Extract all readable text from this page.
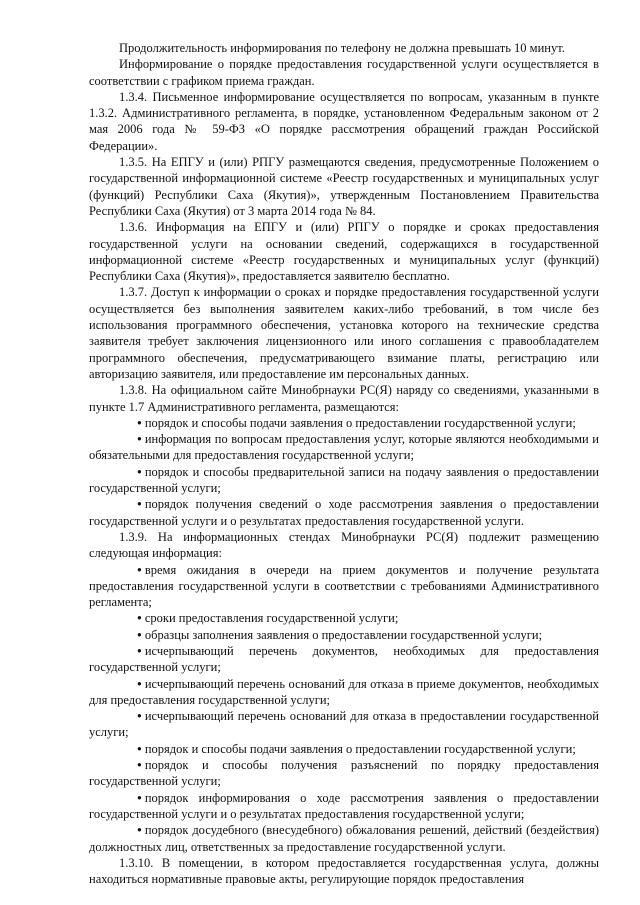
Продолжительность информирования по телефону не должна превышать 10 минут.

Информирование о порядке предоставления государственной услуги осуществляется в соответствии с графиком приема граждан.

1.3.4. Письменное информирование осуществляется по вопросам, указанным в пункте 1.3.2. Административного регламента, в порядке, установленном Федеральным законом от 2 мая 2006 года № 59-ФЗ «О порядке рассмотрения обращений граждан Российской Федерации».

1.3.5. На ЕПГУ и (или) РПГУ размещаются сведения, предусмотренные Положением о государственной информационной системе «Реестр государственных и муниципальных услуг (функций) Республики Саха (Якутия)», утвержденным Постановлением Правительства Республики Саха (Якутия) от 3 марта 2014 года № 84.

1.3.6. Информация на ЕПГУ и (или) РПГУ о порядке и сроках предоставления государственной услуги на основании сведений, содержащихся в государственной информационной системе «Реестр государственных и муниципальных услуг (функций) Республики Саха (Якутия)», предоставляется заявителю бесплатно.

1.3.7. Доступ к информации о сроках и порядке предоставления государственной услуги осуществляется без выполнения заявителем каких-либо требований, в том числе без использования программного обеспечения, установка которого на технические средства заявителя требует заключения лицензионного или иного соглашения с правообладателем программного обеспечения, предусматривающего взимание платы, регистрацию или авторизацию заявителя, или предоставление им персональных данных.

1.3.8. На официальном сайте Минобрнауки РС(Я) наряду со сведениями, указанными в пункте 1.7 Административного регламента, размещаются:

● порядок и способы подачи заявления о предоставлении государственной услуги;

● информация по вопросам предоставления услуг, которые являются необходимыми и обязательными для предоставления государственной услуги;

● порядок и способы предварительной записи на подачу заявления о предоставлении государственной услуги;

● порядок получения сведений о ходе рассмотрения заявления о предоставлении государственной услуги и о результатах предоставления государственной услуги.

1.3.9. На информационных стендах Минобрнауки РС(Я) подлежит размещению следующая информация:

● время ожидания в очереди на прием документов и получение результата предоставления государственной услуги в соответствии с требованиями Административного регламента;

● сроки предоставления государственной услуги;

● образцы заполнения заявления о предоставлении государственной услуги;

● исчерпывающий перечень документов, необходимых для предоставления государственной услуги;

● исчерпывающий перечень оснований для отказа в приеме документов, необходимых для предоставления государственной услуги;

● исчерпывающий перечень оснований для отказа в предоставлении государственной услуги;

● порядок и способы подачи заявления о предоставлении государственной услуги;

● порядок и способы получения разъяснений по порядку предоставления государственной услуги;

● порядок информирования о ходе рассмотрения заявления о предоставлении государственной услуги и о результатах предоставления государственной услуги;

● порядок досудебного (внесудебного) обжалования решений, действий (бездействия) должностных лиц, ответственных за предоставление государственной услуги.

1.3.10. В помещении, в котором предоставляется государственная услуга, должны находиться нормативные правовые акты, регулирующие порядок предоставления
